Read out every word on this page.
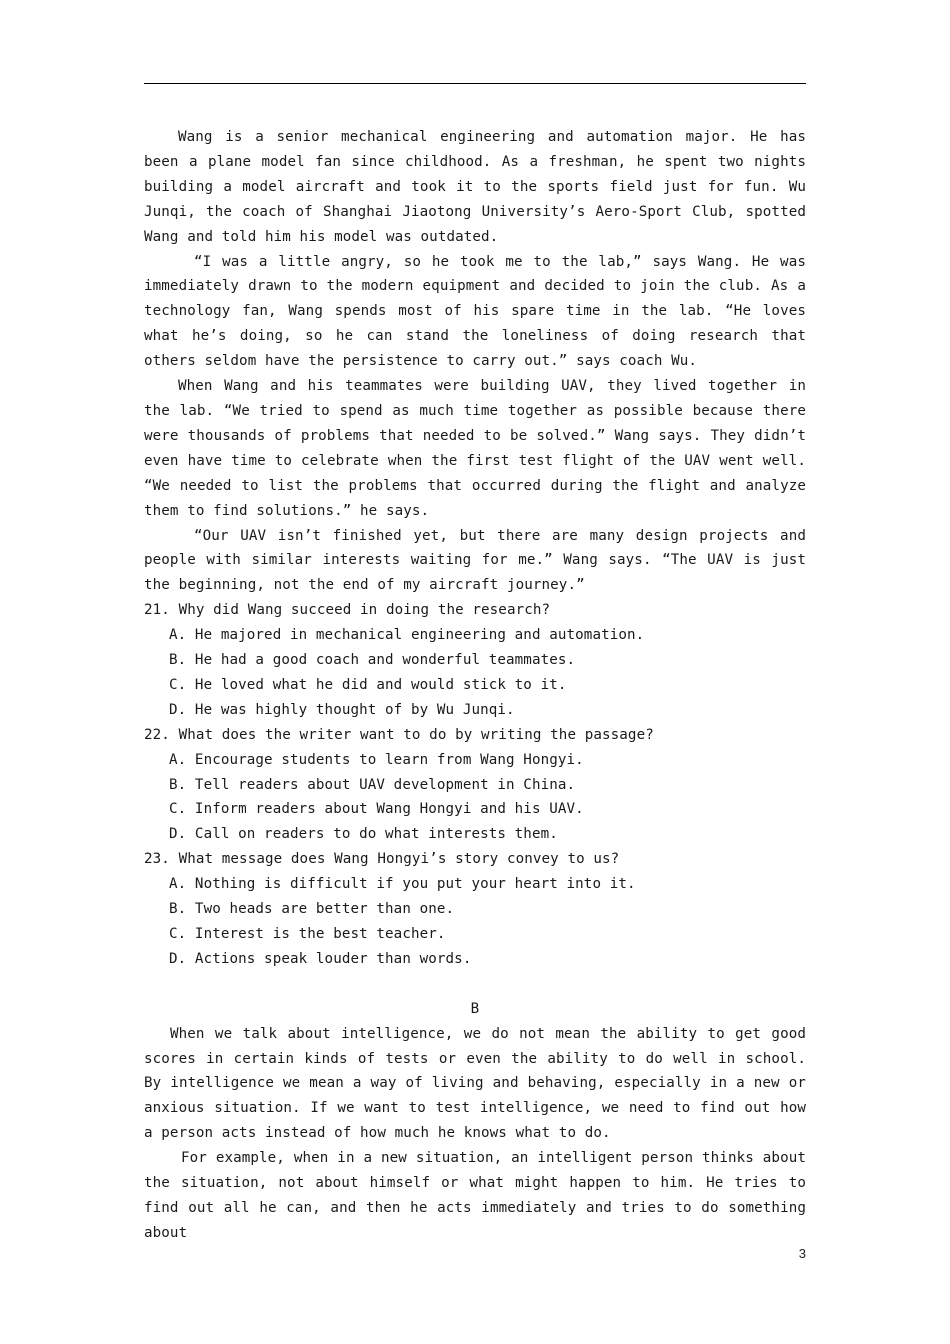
Wang is a senior mechanical engineering and automation major. He has been a plane model fan since childhood. As a freshman, he spent two nights building a model aircraft and took it to the sports field just for fun. Wu Junqi, the coach of Shanghai Jiaotong University’s Aero-Sport Club, spotted Wang and told him his model was outdated.

“I was a little angry, so he took me to the lab,” says Wang. He was immediately drawn to the modern equipment and decided to join the club. As a technology fan, Wang spends most of his spare time in the lab. “He loves what he’s doing, so he can stand the loneliness of doing research that others seldom have the persistence to carry out.” says coach Wu.

When Wang and his teammates were building UAV, they lived together in the lab. “We tried to spend as much time together as possible because there were thousands of problems that needed to be solved.” Wang says. They didn’t even have time to celebrate when the first test flight of the UAV went well. “We needed to list the problems that occurred during the flight and analyze them to find solutions.” he says.

“Our UAV isn’t finished yet, but there are many design projects and people with similar interests waiting for me.” Wang says. “The UAV is just the beginning, not the end of my aircraft journey.”

21. Why did Wang succeed in doing the research?

A. He majored in mechanical engineering and automation.

B. He had a good coach and wonderful teammates.

C. He loved what he did and would stick to it.

D. He was highly thought of by Wu Junqi.

22. What does the writer want to do by writing the passage?

A. Encourage students to learn from Wang Hongyi.

B. Tell readers about UAV development in China.

C. Inform readers about Wang Hongyi and his UAV.

D. Call on readers to do what interests them.

23. What message does Wang Hongyi’s story convey to us?

A. Nothing is difficult if you put your heart into it.

B. Two heads are better than one.

C. Interest is the best teacher.

D. Actions speak louder than words.

B

When we talk about intelligence, we do not mean the ability to get good scores in certain kinds of tests or even the ability to do well in school. By intelligence we mean a way of living and behaving, especially in a new or anxious situation. If we want to test intelligence, we need to find out how a person acts instead of how much he knows what to do.

For example, when in a new situation, an intelligent person thinks about the situation, not about himself or what might happen to him. He tries to find out all he can, and then he acts immediately and tries to do something about

3
